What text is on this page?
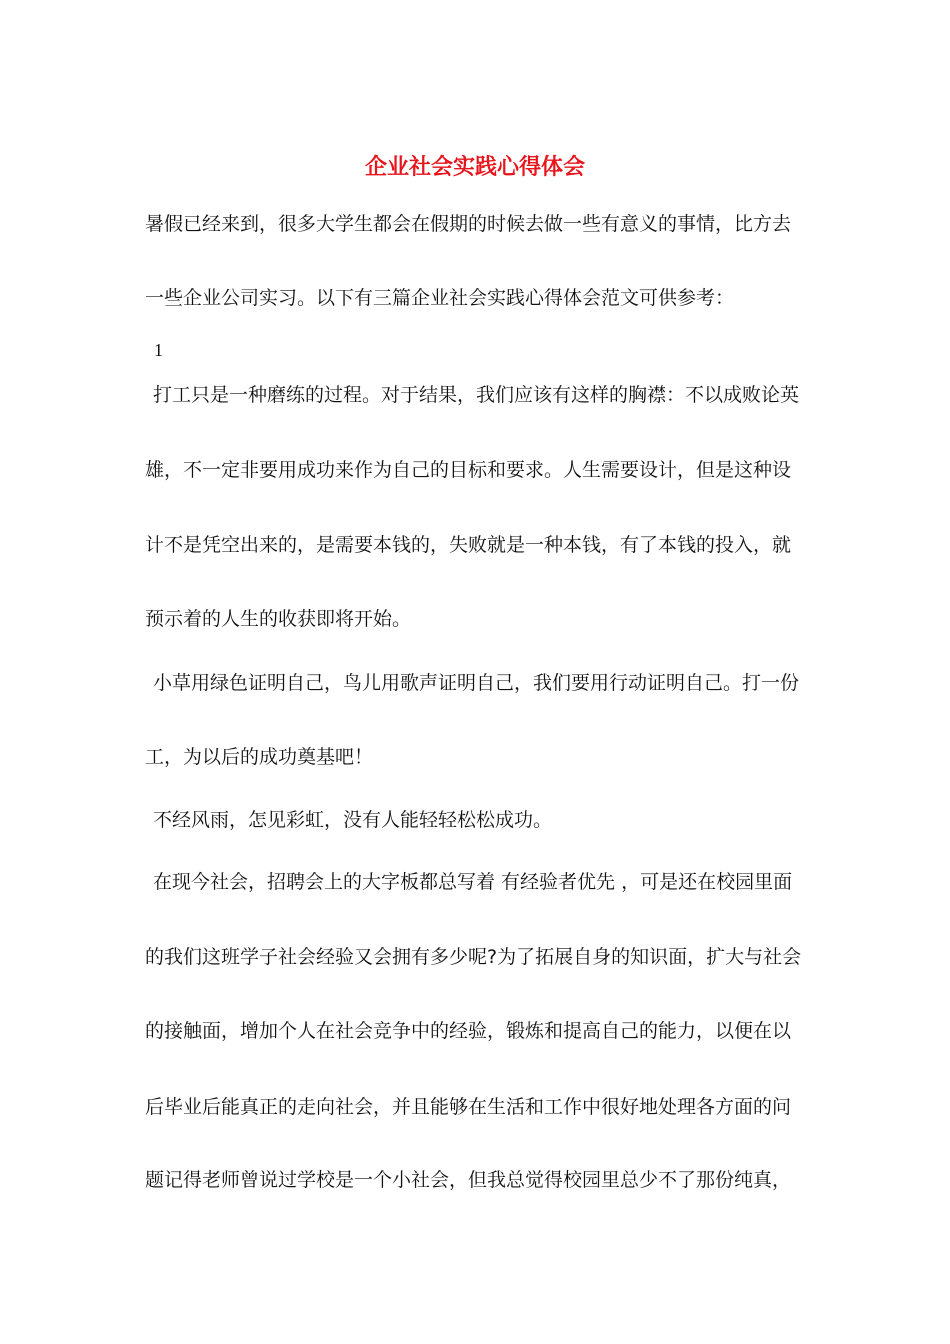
企业社会实践心得体会

暑假已经来到，很多大学生都会在假期的时候去做一些有意义的事情，比方去

一些企业公司实习。以下有三篇企业社会实践心得体会范文可供参考：

1

打工只是一种磨练的过程。对于结果，我们应该有这样的胸襟：不以成败论英

雄，不一定非要用成功来作为自己的目标和要求。人生需要设计，但是这种设

计不是凭空出来的，是需要本钱的，失败就是一种本钱，有了本钱的投入，就

预示着的人生的收获即将开始。

小草用绿色证明自己，鸟儿用歌声证明自己，我们要用行动证明自己。打一份

工，为以后的成功奠基吧！

不经风雨，怎见彩虹，没有人能轻轻松松成功。

在现今社会，招聘会上的大字板都总写着 有经验者优先 ，可是还在校园里面

的我们这班学子社会经验又会拥有多少呢?为了拓展自身的知识面，扩大与社会

的接触面，增加个人在社会竞争中的经验，锻炼和提高自己的能力，以便在以

后毕业后能真正的走向社会，并且能够在生活和工作中很好地处理各方面的问

题记得老师曾说过学校是一个小社会，但我总觉得校园里总少不了那份纯真，
